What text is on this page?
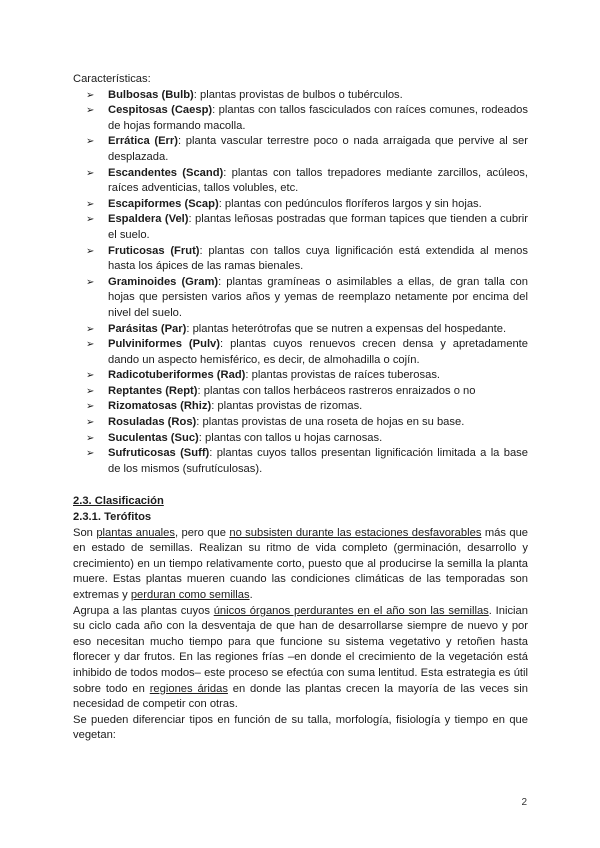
Características:

➢ Bulbosas (Bulb): plantas provistas de bulbos o tubérculos.
➢ Cespitosas (Caesp): plantas con tallos fasciculados con raíces comunes, rodeados de hojas formando macolla.
➢ Errática (Err): planta vascular terrestre poco o nada arraigada que pervive al ser desplazada.
➢ Escandentes (Scand): plantas con tallos trepadores mediante zarcillos, acúleos, raíces adventicias, tallos volubles, etc.
➢ Escapiformes (Scap): plantas con pedúnculos floríferos largos y sin hojas.
➢ Espaldera (Vel): plantas leñosas postradas que forman tapices que tienden a cubrir el suelo.
➢ Fruticosas (Frut): plantas con tallos cuya lignificación está extendida al menos hasta los ápices de las ramas bienales.
➢ Graminoides (Gram): plantas gramíneas o asimilables a ellas, de gran talla con hojas que persisten varios años y yemas de reemplazo netamente por encima del nivel del suelo.
➢ Parásitas (Par): plantas heterótrofas que se nutren a expensas del hospedante.
➢ Pulviniformes (Pulv): plantas cuyos renuevos crecen densa y apretadamente dando un aspecto hemisférico, es decir, de almohadilla o cojín.
➢ Radicotuberiformes (Rad): plantas provistas de raíces tuberosas.
➢ Reptantes (Rept): plantas con tallos herbáceos rastreros enraizados o no
➢ Rizomatosas (Rhiz): plantas provistas de rizomas.
➢ Rosuladas (Ros): plantas provistas de una roseta de hojas en su base.
➢ Suculentas (Suc): plantas con tallos u hojas carnosas.
➢ Sufruticosas (Suff): plantas cuyos tallos presentan lignificación limitada a la base de los mismos (sufrutículosas).
2.3. Clasificación
2.3.1. Terófitos

Son plantas anuales, pero que no subsisten durante las estaciones desfavorables más que en estado de semillas. Realizan su ritmo de vida completo (germinación, desarrollo y crecimiento) en un tiempo relativamente corto, puesto que al producirse la semilla la planta muere. Estas plantas mueren cuando las condiciones climáticas de las temporadas son extremas y perduran como semillas.

Agrupa a las plantas cuyos únicos órganos perdurantes en el año son las semillas. Inician su ciclo cada año con la desventaja de que han de desarrollarse siempre de nuevo y por eso necesitan mucho tiempo para que funcione su sistema vegetativo y retoñen hasta florecer y dar frutos. En las regiones frías –en donde el crecimiento de la vegetación está inhibido de todos modos– este proceso se efectúa con suma lentitud. Esta estrategia es útil sobre todo en regiones áridas en donde las plantas crecen la mayoría de las veces sin necesidad de competir con otras.

Se pueden diferenciar tipos en función de su talla, morfología, fisiología y tiempo en que vegetan:

2
